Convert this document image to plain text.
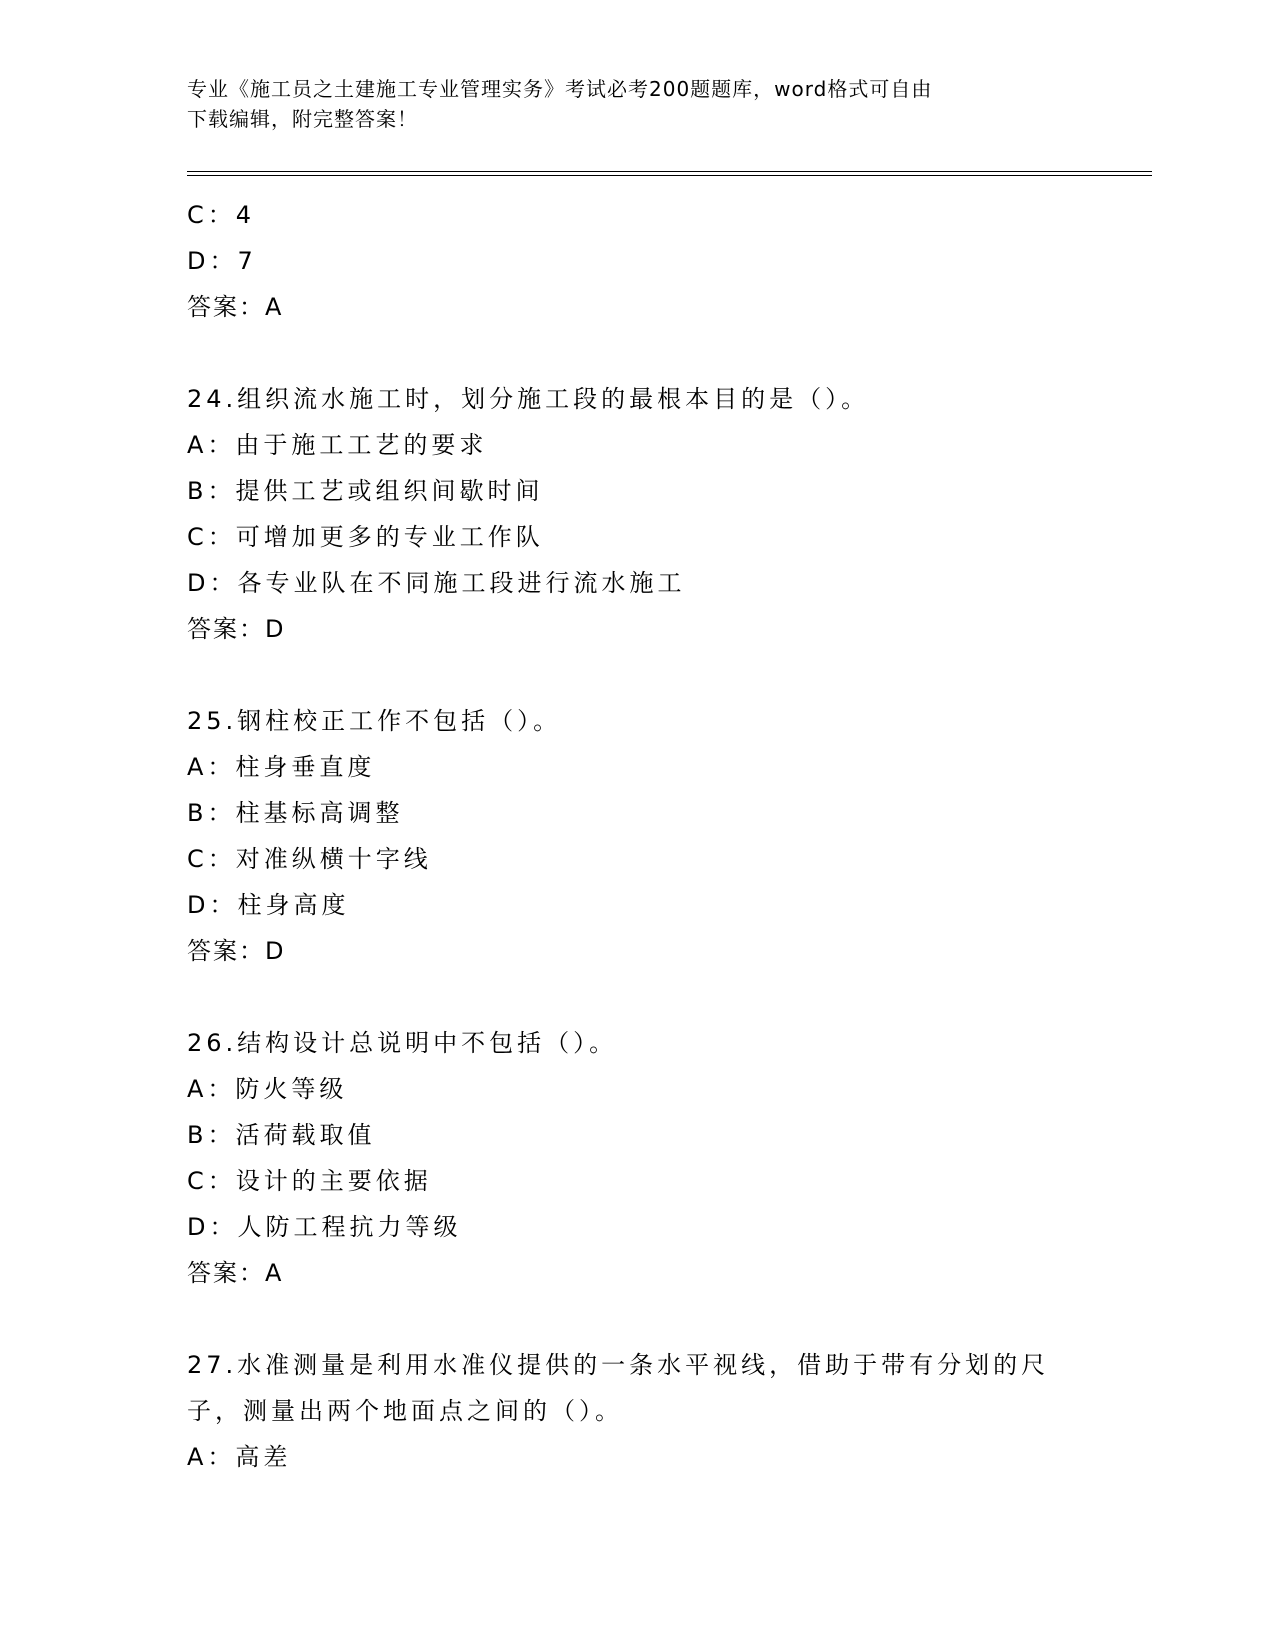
专业《施工员之土建施工专业管理实务》考试必考200题题库，word格式可自由
下载编辑，附完整答案！
C：4
D：7
答案：A
24.组织流水施工时，划分施工段的最根本目的是（）。
A：由于施工工艺的要求
B：提供工艺或组织间歇时间
C：可增加更多的专业工作队
D：各专业队在不同施工段进行流水施工
答案：D
25.钢柱校正工作不包括（）。
A：柱身垂直度
B：柱基标高调整
C：对准纵横十字线
D：柱身高度
答案：D
26.结构设计总说明中不包括（）。
A：防火等级
B：活荷载取值
C：设计的主要依据
D：人防工程抗力等级
答案：A
27.水准测量是利用水准仪提供的一条水平视线，借助于带有分划的尺
子，测量出两个地面点之间的（）。
A：高差
